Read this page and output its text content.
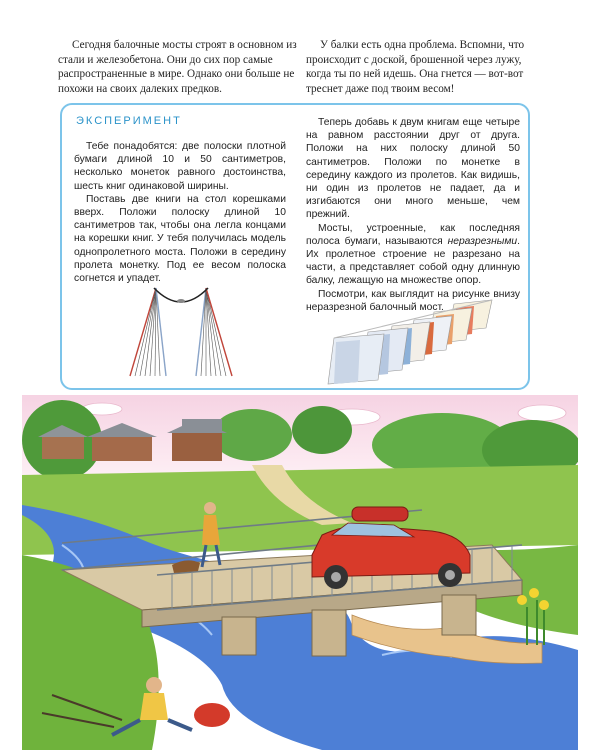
Сегодня балочные мосты строят в основном из стали и железобетона. Они до сих пор самые распространенные в мире. Однако они больше не похожи на своих далеких предков.

У балки есть одна проблема. Вспомни, что происходит с доской, брошенной через лужу, когда ты по ней идешь. Она гнется — вот-вот треснет даже под твоим весом!

ЭКСПЕРИМЕНТ

Тебе понадобятся: две полоски плотной бумаги длиной 10 и 50 сантиметров, несколько монеток равного достоинства, шесть книг одинаковой ширины.

Поставь две книги на стол корешками вверх. Положи полоску длиной 10 сантиметров так, чтобы она легла концами на корешки книг. У тебя получилась модель однопролетного моста. Положи в середину пролета монетку. Под ее весом полоска согнется и упадет.

Теперь добавь к двум книгам еще четыре на равном расстоянии друг от друга. Положи на них полоску длиной 50 сантиметров. Положи по монетке в середину каждого из пролетов. Как видишь, ни один из пролетов не падает, да и изгибаются они много меньше, чем прежний.

Мосты, устроенные, как последняя полоса бумаги, называются неразрезными. Их пролетное строение не разрезано на части, а представляет собой одну длинную балку, лежащую на множестве опор.

Посмотри, как выглядит на рисунке внизу неразрезной балочный мост.
